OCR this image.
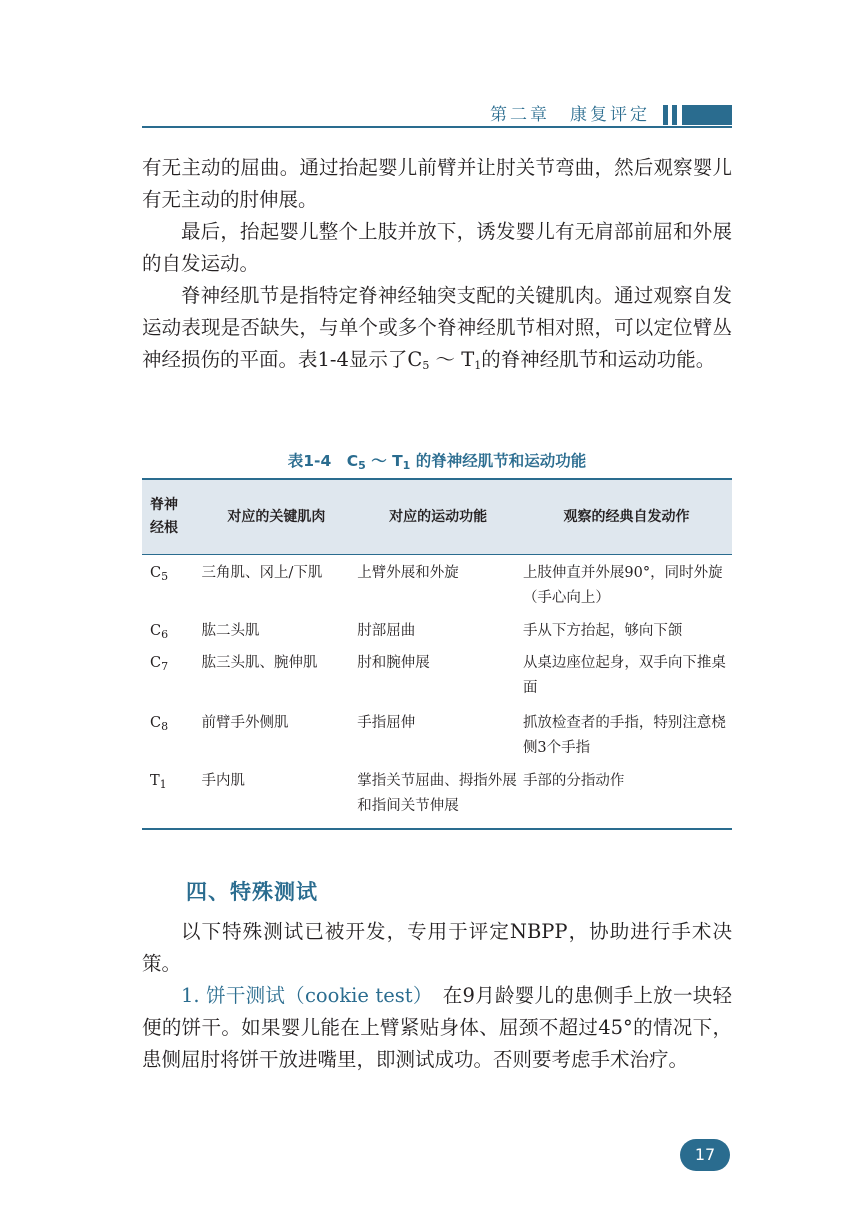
第二章　康复评定

有无主动的屈曲。通过抬起婴儿前臂并让肘关节弯曲，然后观察婴儿有无主动的肘伸展。

最后，抬起婴儿整个上肢并放下，诱发婴儿有无肩部前屈和外展的自发运动。

脊神经肌节是指特定脊神经轴突支配的关键肌肉。通过观察自发运动表现是否缺失，与单个或多个脊神经肌节相对照，可以定位臂丛神经损伤的平面。表1-4显示了$C_5$ ～ $T_1$的脊神经肌节和运动功能。

表1-4　$C_5$ ～ $T_1$ 的脊神经肌节和运动功能
脊神
经根	对应的关键肌肉	对应的运动功能	观察的经典自发动作
$C_5$	三角肌、冈上/下肌	上臂外展和外旋	上肢伸直并外展90°，同时外旋（手心向上）
$C_6$	肱二头肌	肘部屈曲	手从下方抬起，够向下颌
$C_7$	肱三头肌、腕伸肌	肘和腕伸展	从桌边座位起身，双手向下推桌面
$C_8$	前臂手外侧肌	手指屈伸	抓放检查者的手指，特别注意桡侧3个手指
$T_1$	手内肌	掌指关节屈曲、拇指外展和指间关节伸展	手部的分指动作
四、特殊测试

以下特殊测试已被开发，专用于评定NBPP，协助进行手术决策。

1. 饼干测试（cookie test）　 在9月龄婴儿的患侧手上放一块轻便的饼干。如果婴儿能在上臂紧贴身体、屈颈不超过45°的情况下，患侧屈肘将饼干放进嘴里，即测试成功。否则要考虑手术治疗。

17
